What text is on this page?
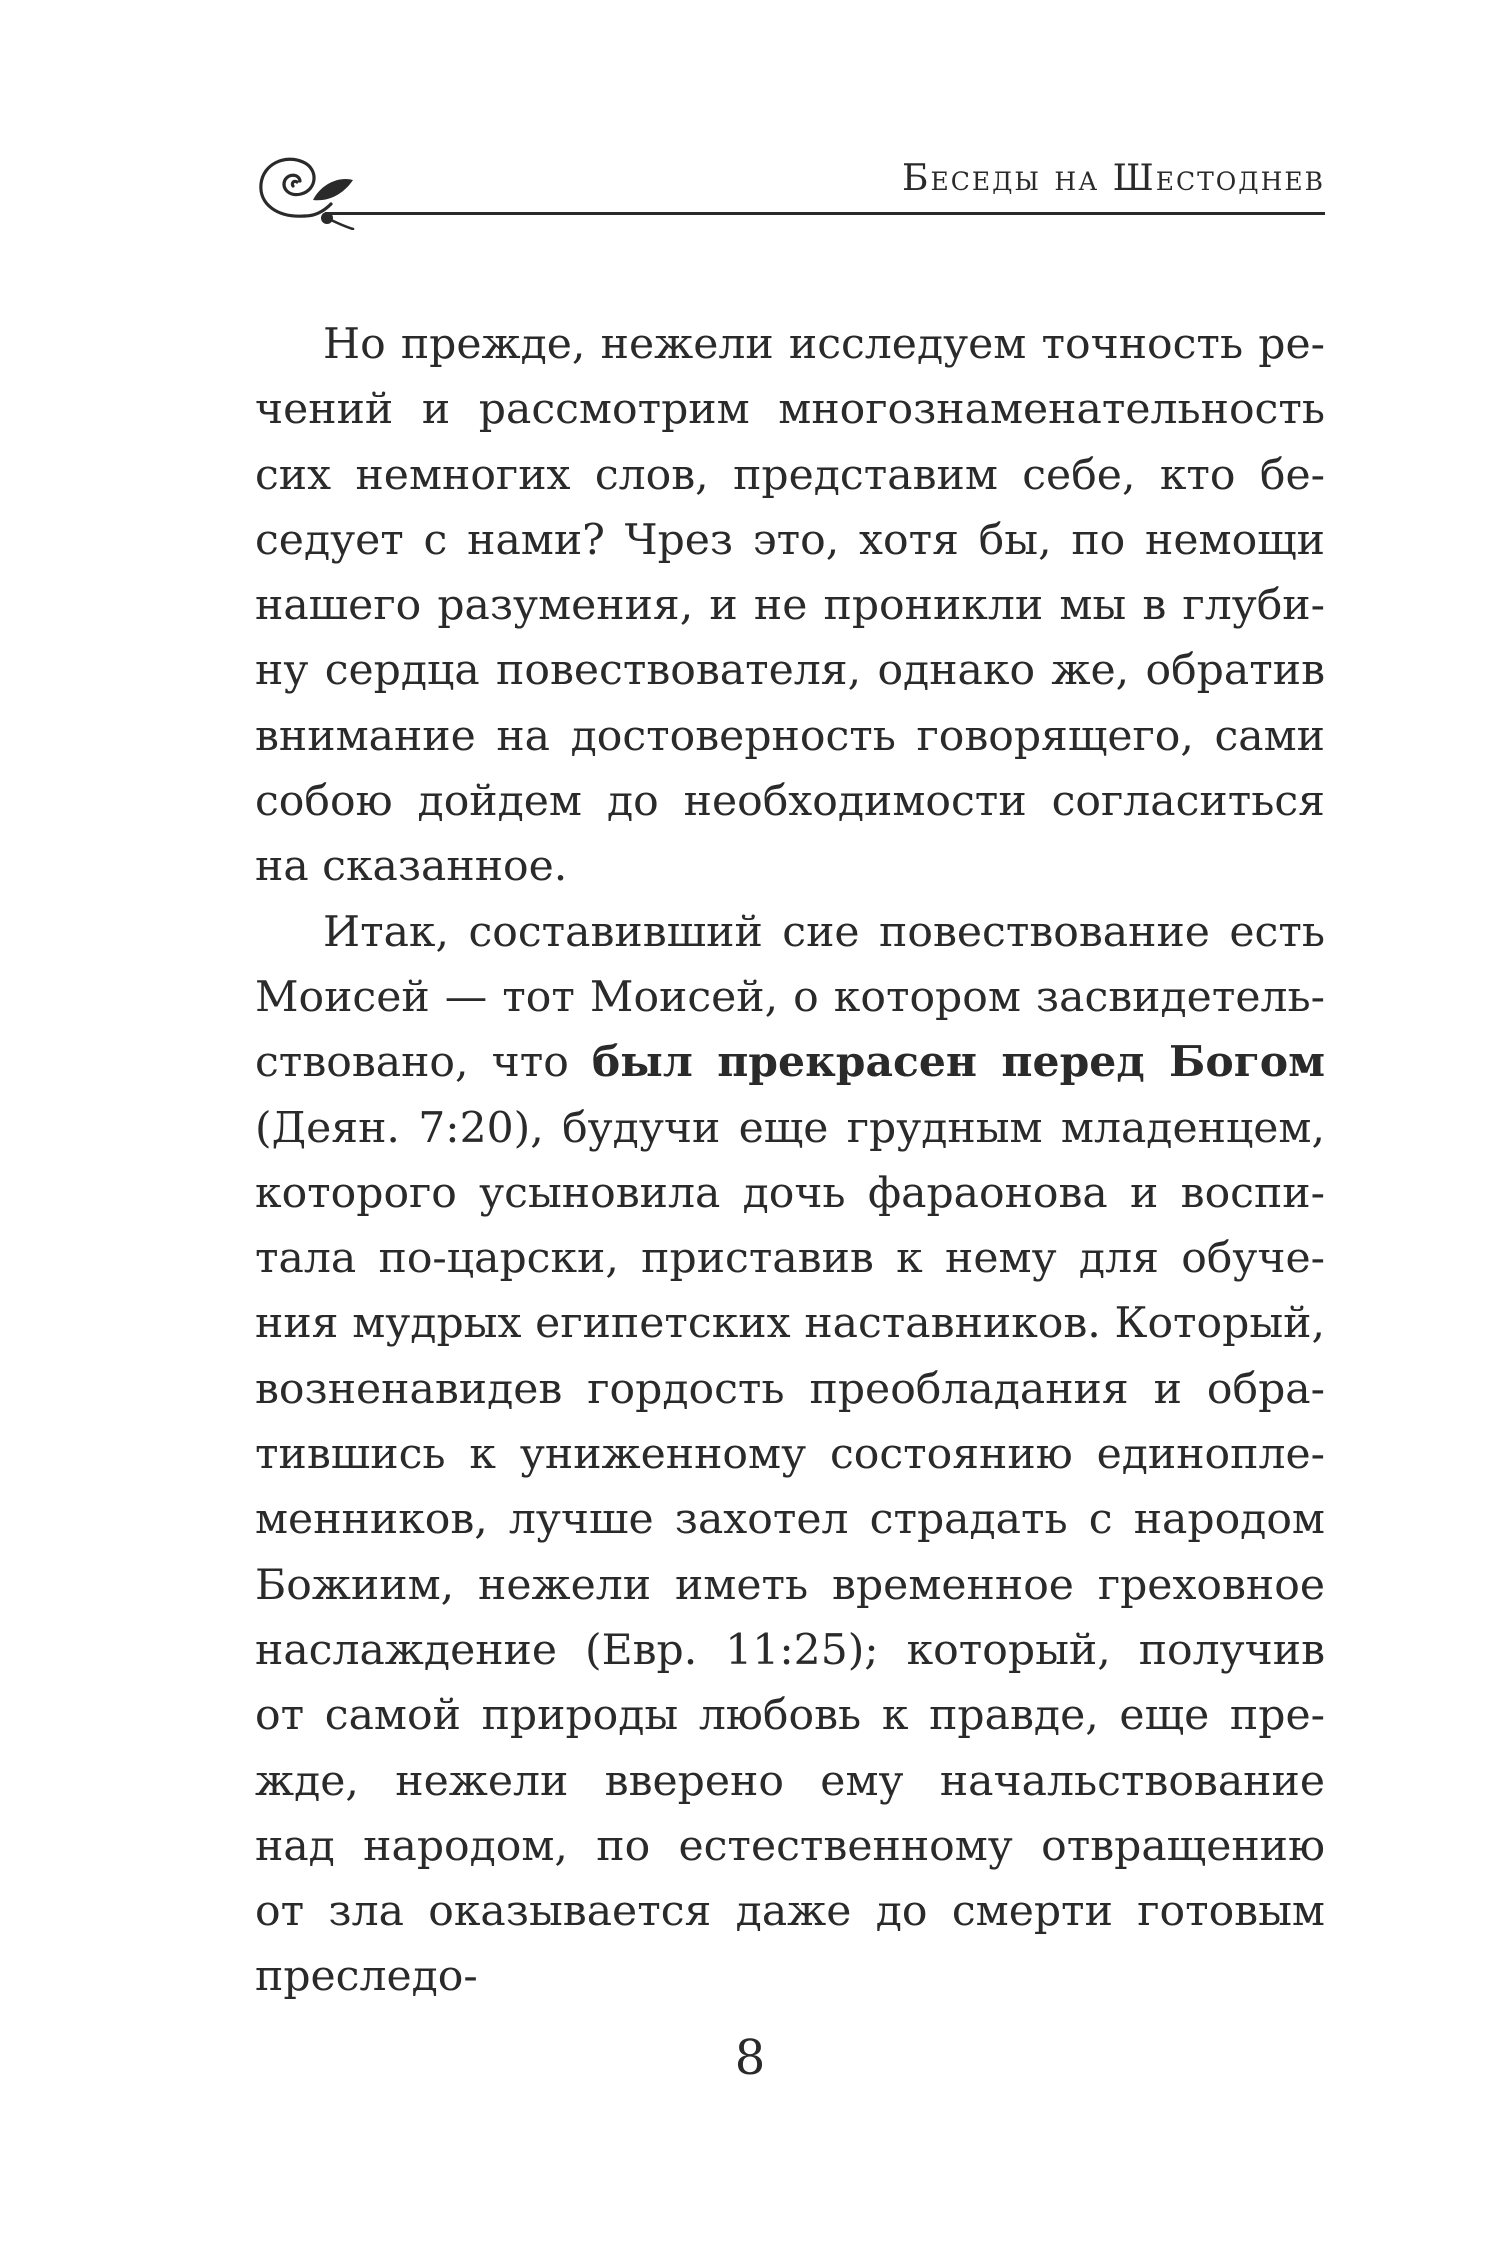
Беседы на Шестоднев

Но прежде, нежели исследуем точность речений и рассмотрим многознаменательность сих немногих слов, представим себе, кто беседует с нами? Чрез это, хотя бы, по немощи нашего разумения, и не проникли мы в глубину сердца повествователя, однако же, обратив внимание на достоверность говорящего, сами собою дойдем до необходимости согласиться на сказанное.

Итак, составивший сие повествование есть Моисей — тот Моисей, о котором засвидетельствовано, что был прекрасен перед Богом (Деян. 7:20), будучи еще грудным младенцем, которого усыновила дочь фараонова и воспитала по-царски, приставив к нему для обучения мудрых египетских наставников. Который, возненавидев гордость преобладания и обратившись к униженному состоянию единоплеменников, лучше захотел страдать с народом Божиим, нежели иметь временное греховное наслаждение (Евр. 11:25); который, получив от самой природы любовь к правде, еще прежде, нежели вверено ему начальствование над народом, по естественному отвращению от зла оказывается даже до смерти готовым преследо-

8
